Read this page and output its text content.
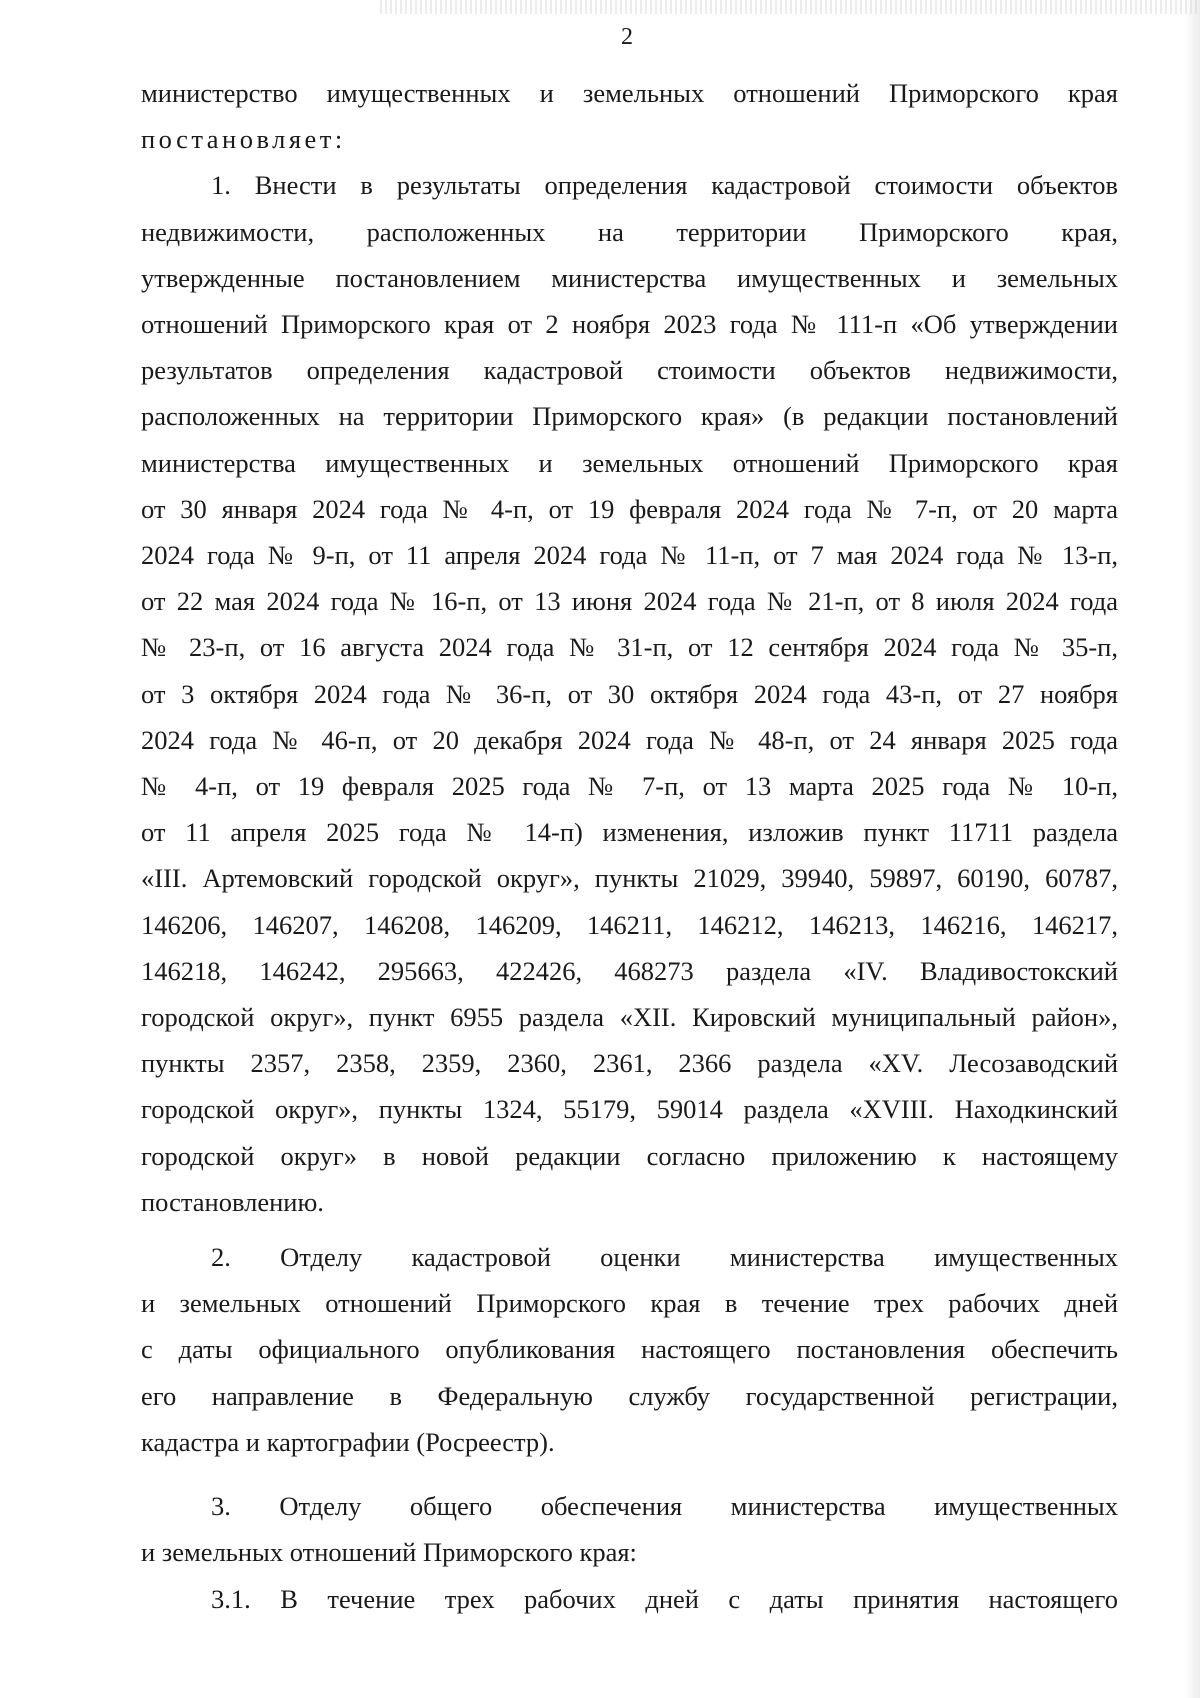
2
министерство имущественных и земельных отношений Приморского края
постановляет:
1. Внести в результаты определения кадастровой стоимости объектов
недвижимости, расположенных на территории Приморского края,
утвержденные постановлением министерства имущественных и земельных
отношений Приморского края от 2 ноября 2023 года № 111-п «Об утверждении
результатов определения кадастровой стоимости объектов недвижимости,
расположенных на территории Приморского края» (в редакции постановлений
министерства имущественных и земельных отношений Приморского края
от 30 января 2024 года № 4-п, от 19 февраля 2024 года № 7-п, от 20 марта
2024 года № 9-п, от 11 апреля 2024 года № 11-п, от 7 мая 2024 года № 13-п,
от 22 мая 2024 года № 16-п, от 13 июня 2024 года № 21-п, от 8 июля 2024 года
№ 23-п, от 16 августа 2024 года № 31-п, от 12 сентября 2024 года № 35-п,
от 3 октября 2024 года № 36-п, от 30 октября 2024 года 43-п, от 27 ноября
2024 года № 46-п, от 20 декабря 2024 года № 48-п, от 24 января 2025 года
№ 4-п, от 19 февраля 2025 года № 7-п, от 13 марта 2025 года № 10-п,
от 11 апреля 2025 года № 14-п) изменения, изложив пункт 11711 раздела
«III. Артемовский городской округ», пункты 21029, 39940, 59897, 60190, 60787,
146206, 146207, 146208, 146209, 146211, 146212, 146213, 146216, 146217,
146218, 146242, 295663, 422426, 468273 раздела «IV. Владивостокский
городской округ», пункт 6955 раздела «XII. Кировский муниципальный район»,
пункты 2357, 2358, 2359, 2360, 2361, 2366 раздела «XV. Лесозаводский
городской округ», пункты 1324, 55179, 59014 раздела «XVIII. Находкинский
городской округ» в новой редакции согласно приложению к настоящему
постановлению.
2. Отделу кадастровой оценки министерства имущественных
и земельных отношений Приморского края в течение трех рабочих дней
с даты официального опубликования настоящего постановления обеспечить
его направление в Федеральную службу государственной регистрации,
кадастра и картографии (Росреестр).
3. Отделу общего обеспечения министерства имущественных
и земельных отношений Приморского края:
3.1. В течение трех рабочих дней с даты принятия настоящего
